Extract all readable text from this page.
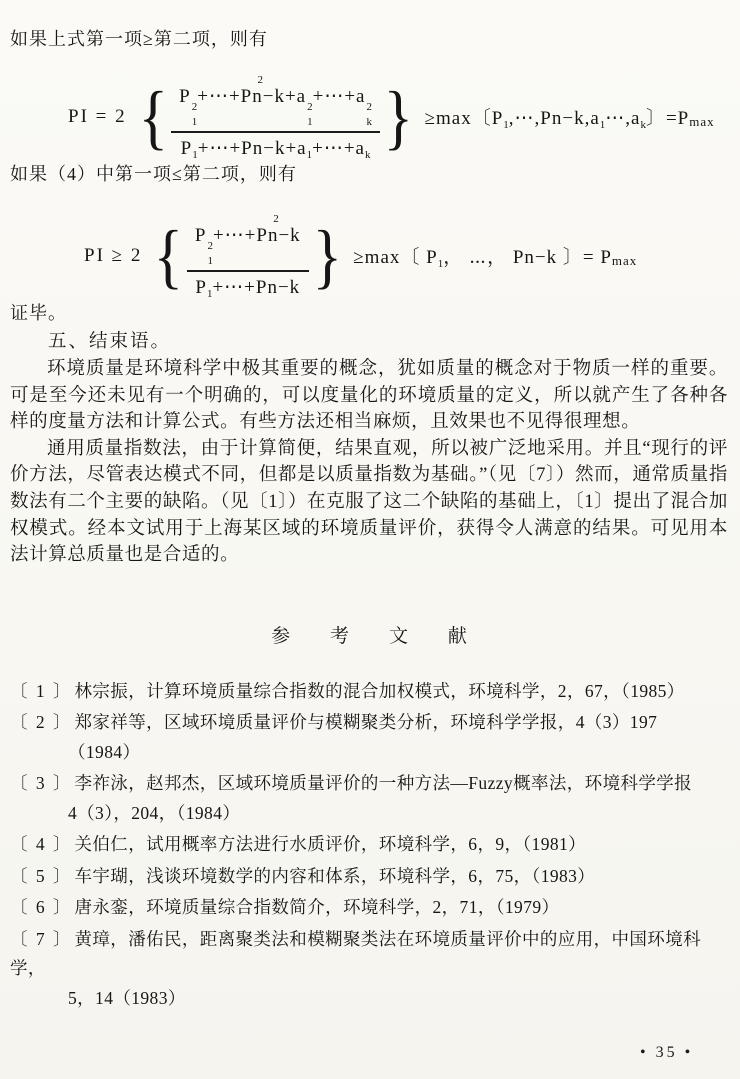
如果上式第一项≥第二项，则有

PI = 2 { P 2
1
+⋯+P
2
n−k+a 2
1
+⋯+a 2
k
$P_1+\cdots+Pn-k+a_1+\cdots+a_k$ } ≥max〔$P_1,\cdots,Pn-k,a_1\cdots,a_k$〕=Pmax

如果（4）中第一项≤第二项，则有

PI ≥ 2 { P 2
1
+⋯+P
2
n−k
$P_1+\cdots+Pn-k$ } ≥max〔 $P_1$， ⋯， Pn−k 〕= Pmax

证毕。

五、结束语。

环境质量是环境科学中极其重要的概念，犹如质量的概念对于物质一样的重要。可是至今还未见有一个明确的，可以度量化的环境质量的定义，所以就产生了各种各样的度量方法和计算公式。有些方法还相当麻烦，且效果也不见得很理想。

通用质量指数法，由于计算简便，结果直观，所以被广泛地采用。并且“现行的评价方法，尽管表达模式不同，但都是以质量指数为基础。”（见〔7〕）然而，通常质量指数法有二个主要的缺陷。（见〔1〕）在克服了这二个缺陷的基础上，〔1〕提出了混合加权模式。经本文试用于上海某区域的环境质量评价，获得令人满意的结果。可见用本法计算总质量也是合适的。

参考文献

〔 1 〕 林宗振，计算环境质量综合指数的混合加权模式，环境科学，2，67，（1985）

〔 2 〕 郑家祥等，区域环境质量评价与模糊聚类分析，环境科学学报，4（3）197

（1984）

〔 3 〕 李祚泳，赵邦杰，区域环境质量评价的一种方法—Fuzzy概率法，环境科学学报

4（3），204，（1984）

〔 4 〕 关伯仁，试用概率方法进行水质评价，环境科学，6，9，（1981）

〔 5 〕 车宇瑚，浅谈环境数学的内容和体系，环境科学，6，75，（1983）

〔 6 〕 唐永銮，环境质量综合指数简介，环境科学，2，71，（1979）

〔 7 〕 黄璋，潘佑民，距离聚类法和模糊聚类法在环境质量评价中的应用，中国环境科学，

5，14（1983）

• 35 •
